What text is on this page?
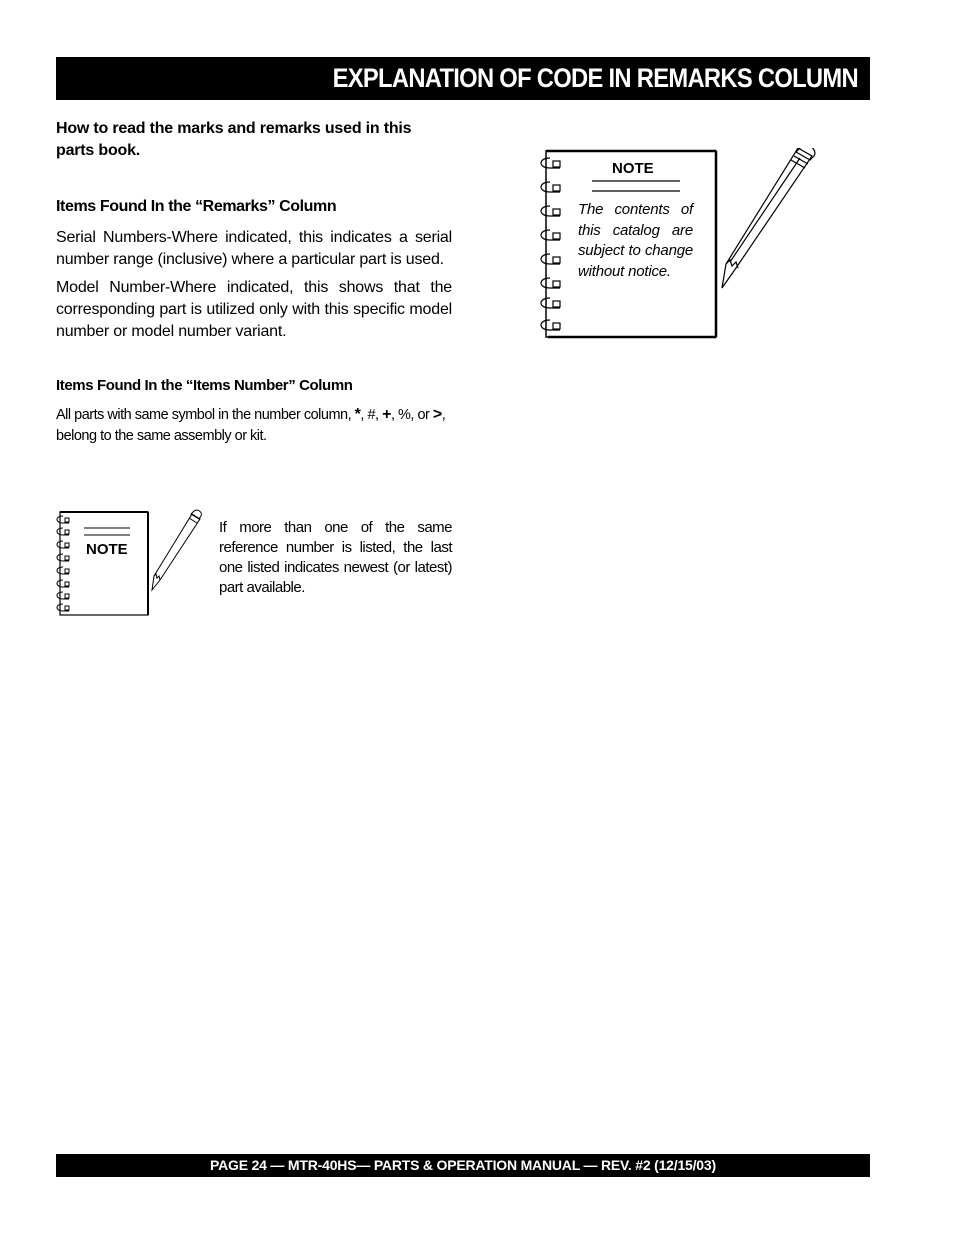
EXPLANATION OF CODE IN REMARKS COLUMN

How to read the marks and remarks used in this parts book.

Items Found In the “Remarks” Column

Serial Numbers-Where indicated, this indicates a serial number range (inclusive) where a particular part is used.

Model Number-Where indicated, this shows that the corresponding part is utilized only with this specific model number or model number variant.

Items Found In the “Items Number” Column

All parts with same symbol in the number column, *, #, +, %, or >, belong to the same assembly or kit.

NOTE
The contents of this catalog are subject to change without notice.
NOTE
If more than one of the same reference number is listed, the last one listed indicates newest (or latest) part available.
PAGE 24 — MTR-40HS— PARTS & OPERATION MANUAL — REV. #2 (12/15/03)
